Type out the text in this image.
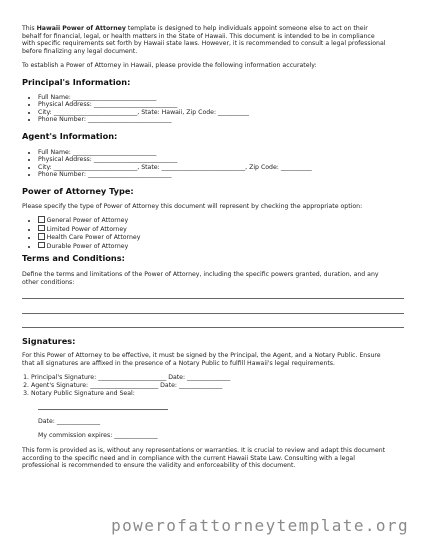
This Hawaii Power of Attorney template is designed to help individuals appoint someone else to act on their
behalf for financial, legal, or health matters in the State of Hawaii. This document is intended to be in compliance
with specific requirements set forth by Hawaii state laws. However, it is recommended to consult a legal professional
before finalizing any legal document.
To establish a Power of Attorney in Hawaii, please provide the following information accurately:
Principal's Information:
• Full Name: ___________________________
• Physical Address: ___________________________
• City: ___________________________, State: Hawaii, Zip Code: __________
• Phone Number: ___________________________
Agent's Information:
• Full Name: ___________________________
• Physical Address: ___________________________
• City: ___________________________, State: ___________________________, Zip Code: __________
• Phone Number: ___________________________
Power of Attorney Type:
Please specify the type of Power of Attorney this document will represent by checking the appropriate option:
• General Power of Attorney
• Limited Power of Attorney
• Health Care Power of Attorney
• Durable Power of Attorney
Terms and Conditions:
Define the terms and limitations of the Power of Attorney, including the specific powers granted, duration, and any
other conditions:
Signatures:
For this Power of Attorney to be effective, it must be signed by the Principal, the Agent, and a Notary Public. Ensure
that all signatures are affixed in the presence of a Notary Public to fulfill Hawaii's legal requirements.
1. Principal's Signature: ______________________ Date: ______________
2. Agent's Signature: ______________________ Date: ______________
3. Notary Public Signature and Seal:
Date: ______________
My commission expires: ______________
This form is provided as is, without any representations or warranties. It is crucial to review and adapt this document
according to the specific need and in compliance with the current Hawaii State Law. Consulting with a legal
professional is recommended to ensure the validity and enforceability of this document.
powerofattorneytemplate.org
